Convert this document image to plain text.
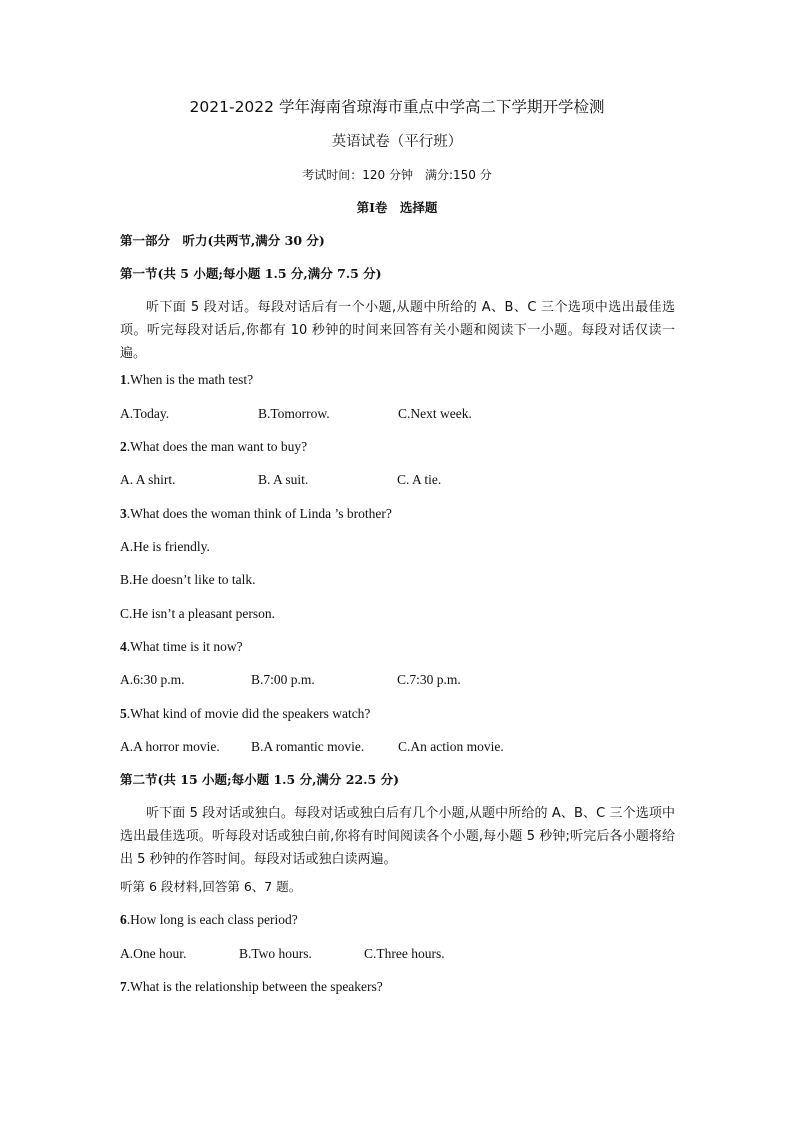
2021-2022 学年海南省琼海市重点中学高二下学期开学检测
英语试卷（平行班）
考试时间：120 分钟　满分:150 分
第Ⅰ卷　选择题
第一部分　听力(共两节,满分 30 分)
第一节(共 5 小题;每小题 1.5 分,满分 7.5 分)
听下面 5 段对话。每段对话后有一个小题,从题中所给的 A、B、C 三个选项中选出最佳选项。听完每段对话后,你都有 10 秒钟的时间来回答有关小题和阅读下一小题。每段对话仅读一遍。
1.When is the math test?
A.Today.	B.Tomorrow.	C.Next week.
2.What does the man want to buy?
A. A shirt.	B. A suit.	C. A tie.
3.What does the woman think of Linda ’s brother?
A.He is friendly.
B.He doesn’t like to talk.
C.He isn’t a pleasant person.
4.What time is it now?
A.6:30 p.m.	B.7:00 p.m.	C.7:30 p.m.
5.What kind of movie did the speakers watch?
A.A horror movie. B.A romantic movie.	C.An action movie.
第二节(共 15 小题;每小题 1.5 分,满分 22.5 分)
听下面 5 段对话或独白。每段对话或独白后有几个小题,从题中所给的 A、B、C 三个选项中选出最佳选项。听每段对话或独白前,你将有时间阅读各个小题,每小题 5 秒钟;听完后各小题将给出 5 秒钟的作答时间。每段对话或独白读两遍。
听第 6 段材料,回答第 6、7 题。
6.How long is each class period?
A.One hour.	B.Two hours.	C.Three hours.
7.What is the relationship between the speakers?
